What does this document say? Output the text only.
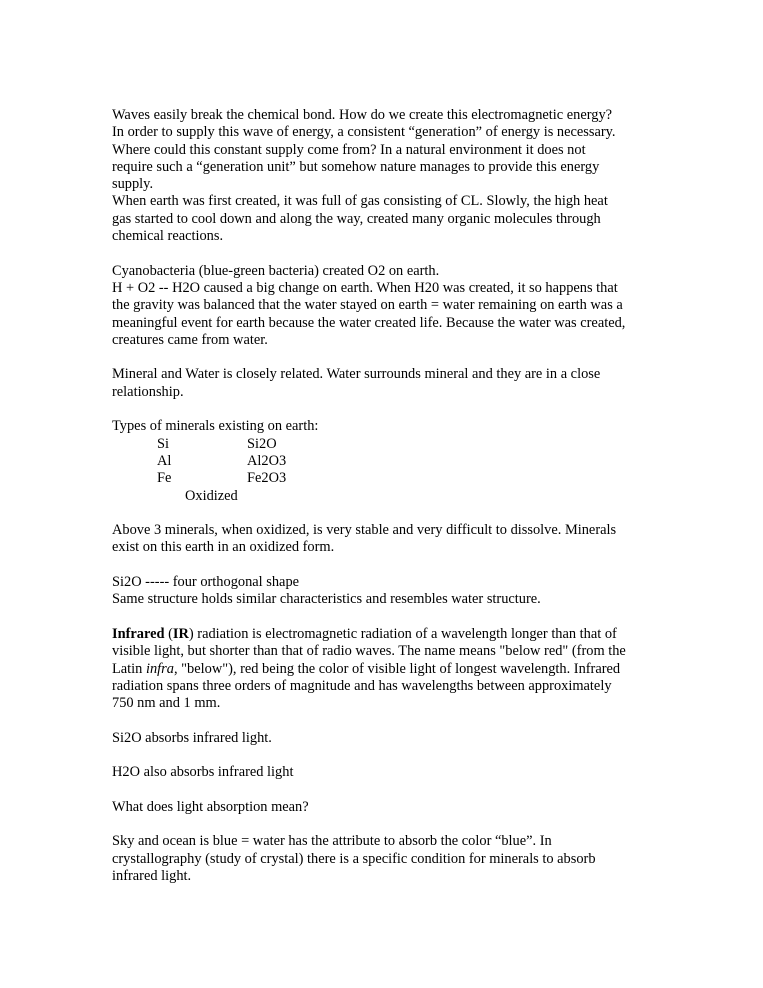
Waves easily break the chemical bond. How do we create this electromagnetic energy?
In order to supply this wave of energy, a consistent “generation” of energy is necessary.
Where could this constant supply come from? In a natural environment it does not
require such a “generation unit” but somehow nature manages to provide this energy
supply.
When earth was first created, it was full of gas consisting of CL. Slowly, the high heat
gas started to cool down and along the way, created many organic molecules through
chemical reactions.
Cyanobacteria (blue-green bacteria) created O2 on earth.
H + O2 -- H2O caused a big change on earth. When H20 was created, it so happens that
the gravity was balanced that the water stayed on earth = water remaining on earth was a
meaningful event for earth because the water created life. Because the water was created,
creatures came from water.
Mineral and Water is closely related. Water surrounds mineral and they are in a close
relationship.
Types of minerals existing on earth:
Si	Si2O
Al	Al2O3
Fe	Fe2O3
Oxidized
Above 3 minerals, when oxidized, is very stable and very difficult to dissolve. Minerals
exist on this earth in an oxidized form.
Si2O ----- four orthogonal shape
Same structure holds similar characteristics and resembles water structure.
Infrared (IR) radiation is electromagnetic radiation of a wavelength longer than that of
visible light, but shorter than that of radio waves. The name means "below red" (from the
Latin infra, "below"), red being the color of visible light of longest wavelength. Infrared
radiation spans three orders of magnitude and has wavelengths between approximately
750 nm and 1 mm.
Si2O absorbs infrared light.
H2O also absorbs infrared light
What does light absorption mean?
Sky and ocean is blue = water has the attribute to absorb the color “blue”. In
crystallography (study of crystal) there is a specific condition for minerals to absorb
infrared light.
